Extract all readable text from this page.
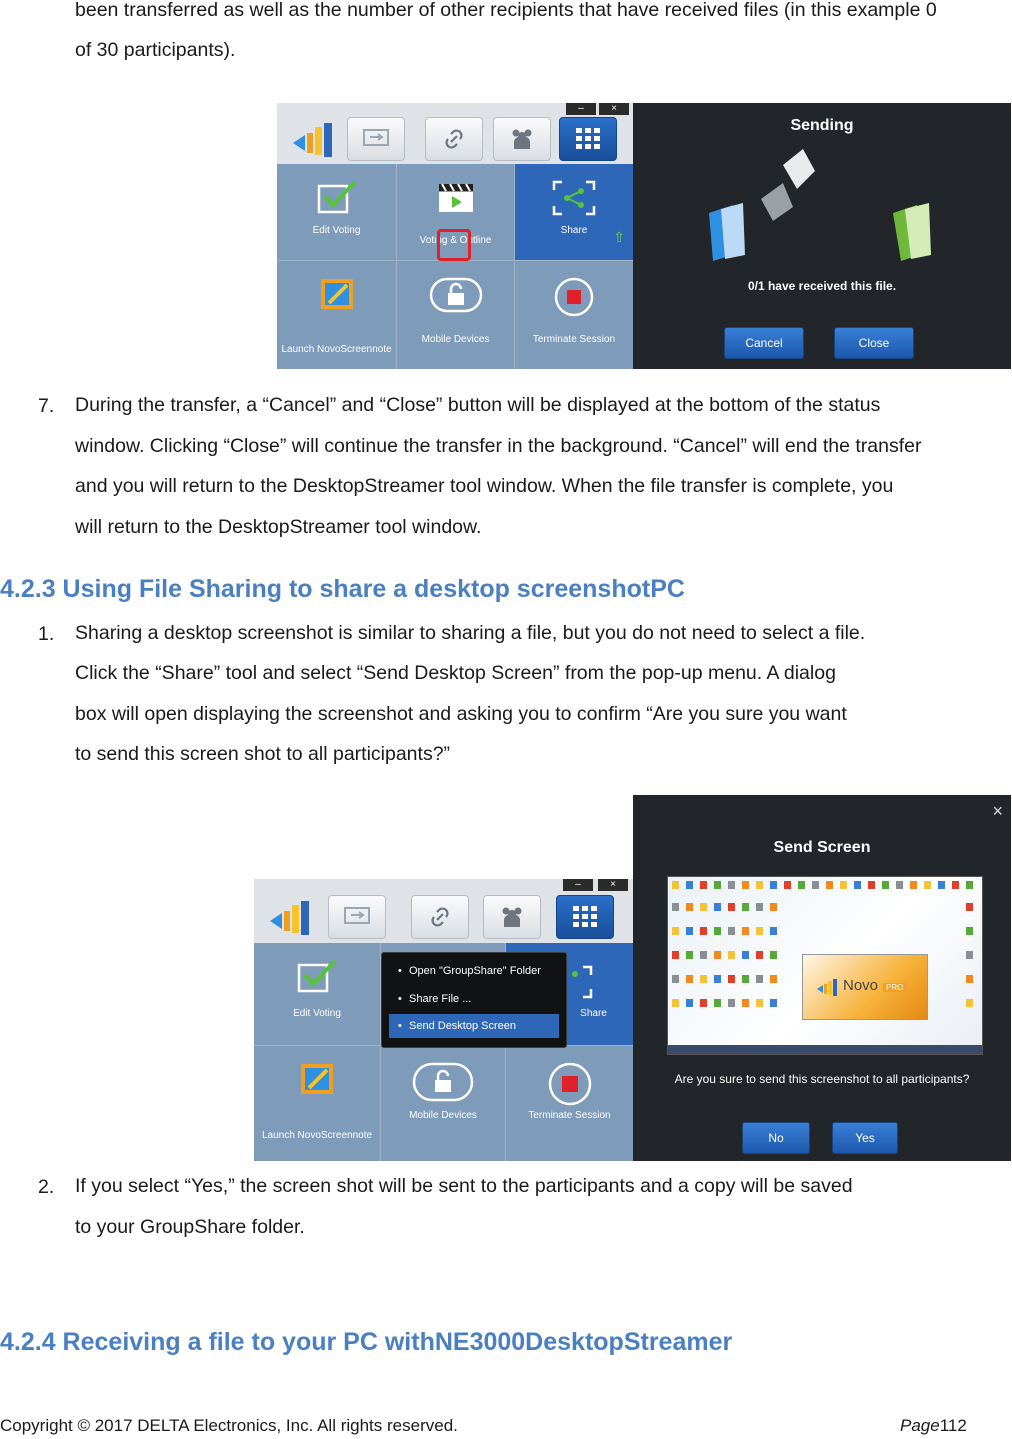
been transferred as well as the number of other recipients that have received files (in this example 0
of 30 participants).
–	×
Edit Voting
Voting & Outline
Share	⇧
Launch NovoScreennote
Mobile Devices	Terminate Session
Sending
0/1 have received this file.
Cancel	Close
7. During the transfer, a “Cancel” and “Close” button will be displayed at the bottom of the status
window. Clicking “Close” will continue the transfer in the background. “Cancel” will end the transfer
and you will return to the DesktopStreamer tool window. When the file transfer is complete, you
will return to the DesktopStreamer tool window.
4.2.3 Using File Sharing to share a desktop screenshotPC
1. Sharing a desktop screenshot is similar to sharing a file, but you do not need to select a file.
Click the “Share” tool and select “Send Desktop Screen” from the pop-up menu. A dialog
box will open displaying the screenshot and asking you to confirm “Are you sure you want
to send this screen shot to all participants?”
–	×
Edit Voting	Share
Launch NovoScreennote
Mobile Devices	Terminate Session
• Open "GroupShare" Folder
• Share File ...
• Send Desktop Screen
×
Send Screen
Are you sure to send this screenshot to all participants?
No	Yes
Novo PRO
2. If you select “Yes,” the screen shot will be sent to the participants and a copy will be saved
to your GroupShare folder.
4.2.4 Receiving a file to your PC withNE3000DesktopStreamer
Copyright © 2017 DELTA Electronics, Inc. All rights reserved.	Page112
